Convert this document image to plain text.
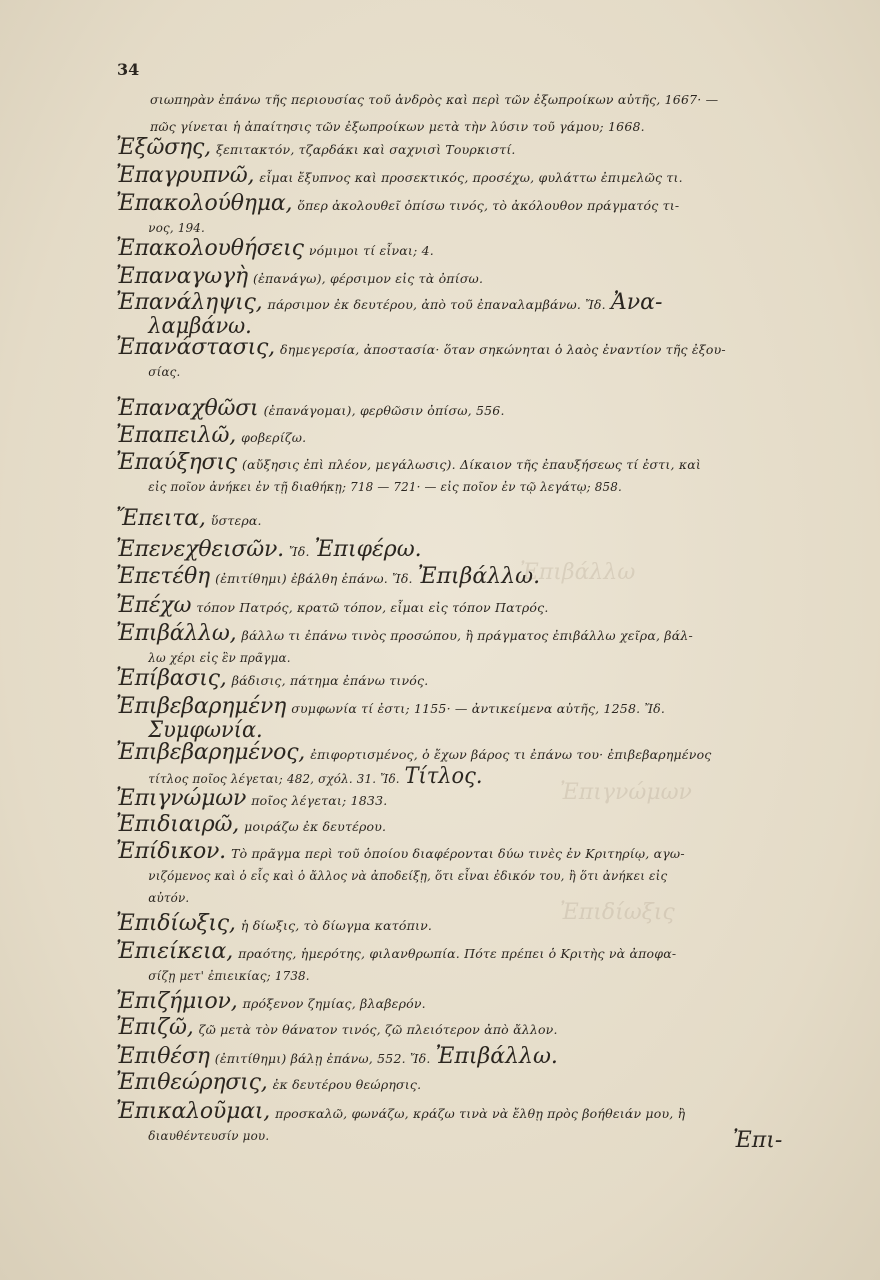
Ἐπιβάλλω
Ἐπιγνώμων
Ἐπιδίωξις
34
σιωπηρὰν ἐπάνω τῆς περιουσίας τοῦ ἀνδρὸς καὶ περὶ τῶν ἐξωπροίκων αὐτῆς, 1667· —
πῶς γίνεται ἡ ἀπαίτησις τῶν ἐξωπροίκων μετὰ τὴν λύσιν τοῦ γάμου; 1668.
Ἐξῶσης, ξεπιτακτόν, τζαρδάκι καὶ σαχνισὶ Τουρκιστί.
Ἐπαγρυπνῶ, εἶμαι ἔξυπνος καὶ προσεκτικός, προσέχω, φυλάττω ἐπιμελῶς τι.
Ἐπακολούθημα, ὅπερ ἀκολουθεῖ ὀπίσω τινός, τὸ ἀκόλουθον πράγματός τι-
νος, 194.
Ἐπακολουθήσεις νόμιμοι τί εἶναι; 4.
Ἐπαναγωγὴ (ἐπανάγω), φέρσιμον εἰς τὰ ὀπίσω.
Ἐπανάληψις, πάρσιμον ἐκ δευτέρου, ἀπὸ τοῦ ἐπαναλαμβάνω. Ἴδ. Ἀνα-
λαμβάνω.
Ἐπανάστασις, δημεγερσία, ἀποστασία· ὅταν σηκώνηται ὁ λαὸς ἐναντίον τῆς ἐξου-
σίας.
Ἐπαναχθῶσι (ἐπανάγομαι), φερθῶσιν ὀπίσω, 556.
Ἐπαπειλῶ, φοβερίζω.
Ἐπαύξησις (αὔξησις ἐπὶ πλέον, μεγάλωσις). Δίκαιον τῆς ἐπαυξήσεως τί ἐστι, καὶ
εἰς ποῖον ἀνήκει ἐν τῇ διαθήκῃ; 718 — 721· — εἰς ποῖον ἐν τῷ λεγάτῳ; 858.
Ἔπειτα, ὕστερα.
Ἐπενεχθεισῶν. Ἴδ. Ἐπιφέρω.
Ἐπετέθη (ἐπιτίθημι) ἐβάλθη ἐπάνω. Ἴδ. Ἐπιβάλλω.
Ἐπέχω τόπον Πατρός, κρατῶ τόπον, εἶμαι εἰς τόπον Πατρός.
Ἐπιβάλλω, βάλλω τι ἐπάνω τινὸς προσώπου, ἢ πράγματος ἐπιβάλλω χεῖρα, βάλ-
λω χέρι εἰς ἓν πρᾶγμα.
Ἐπίβασις, βάδισις, πάτημα ἐπάνω τινός.
Ἐπιβεβαρημένη συμφωνία τί ἐστι; 1155· — ἀντικείμενα αὐτῆς, 1258. Ἴδ.
Συμφωνία.
Ἐπιβεβαρημένος, ἐπιφορτισμένος, ὁ ἔχων βάρος τι ἐπάνω του· ἐπιβεβαρημένος
τίτλος ποῖος λέγεται; 482, σχόλ. 31. Ἴδ. Τίτλος.
Ἐπιγνώμων ποῖος λέγεται; 1833.
Ἐπιδιαιρῶ, μοιράζω ἐκ δευτέρου.
Ἐπίδικον. Τὸ πρᾶγμα περὶ τοῦ ὁποίου διαφέρονται δύω τινὲς ἐν Κριτηρίῳ, αγω-
νιζόμενος καὶ ὁ εἷς καὶ ὁ ἄλλος νὰ ἀποδείξῃ, ὅτι εἶναι ἐδικόν του, ἢ ὅτι ἀνήκει εἰς
αὐτόν.
Ἐπιδίωξις, ἡ δίωξις, τὸ δίωγμα κατόπιν.
Ἐπιείκεια, πραότης, ἡμερότης, φιλανθρωπία. Πότε πρέπει ὁ Κριτὴς νὰ ἀποφα-
σίζῃ μετ' ἐπιεικίας; 1738.
Ἐπιζήμιον, πρόξενον ζημίας, βλαβερόν.
Ἐπιζῶ, ζῶ μετὰ τὸν θάνατον τινός, ζῶ πλειότερον ἀπὸ ἄλλον.
Ἐπιθέση (ἐπιτίθημι) βάλῃ ἐπάνω, 552. Ἴδ. Ἐπιβάλλω.
Ἐπιθεώρησις, ἐκ δευτέρου θεώρησις.
Ἐπικαλοῦμαι, προσκαλῶ, φωνάζω, κράζω τινὰ νὰ ἔλθῃ πρὸς βοήθειάν μου, ἢ
διαυθέντευσίν μου.	Ἐπι-
